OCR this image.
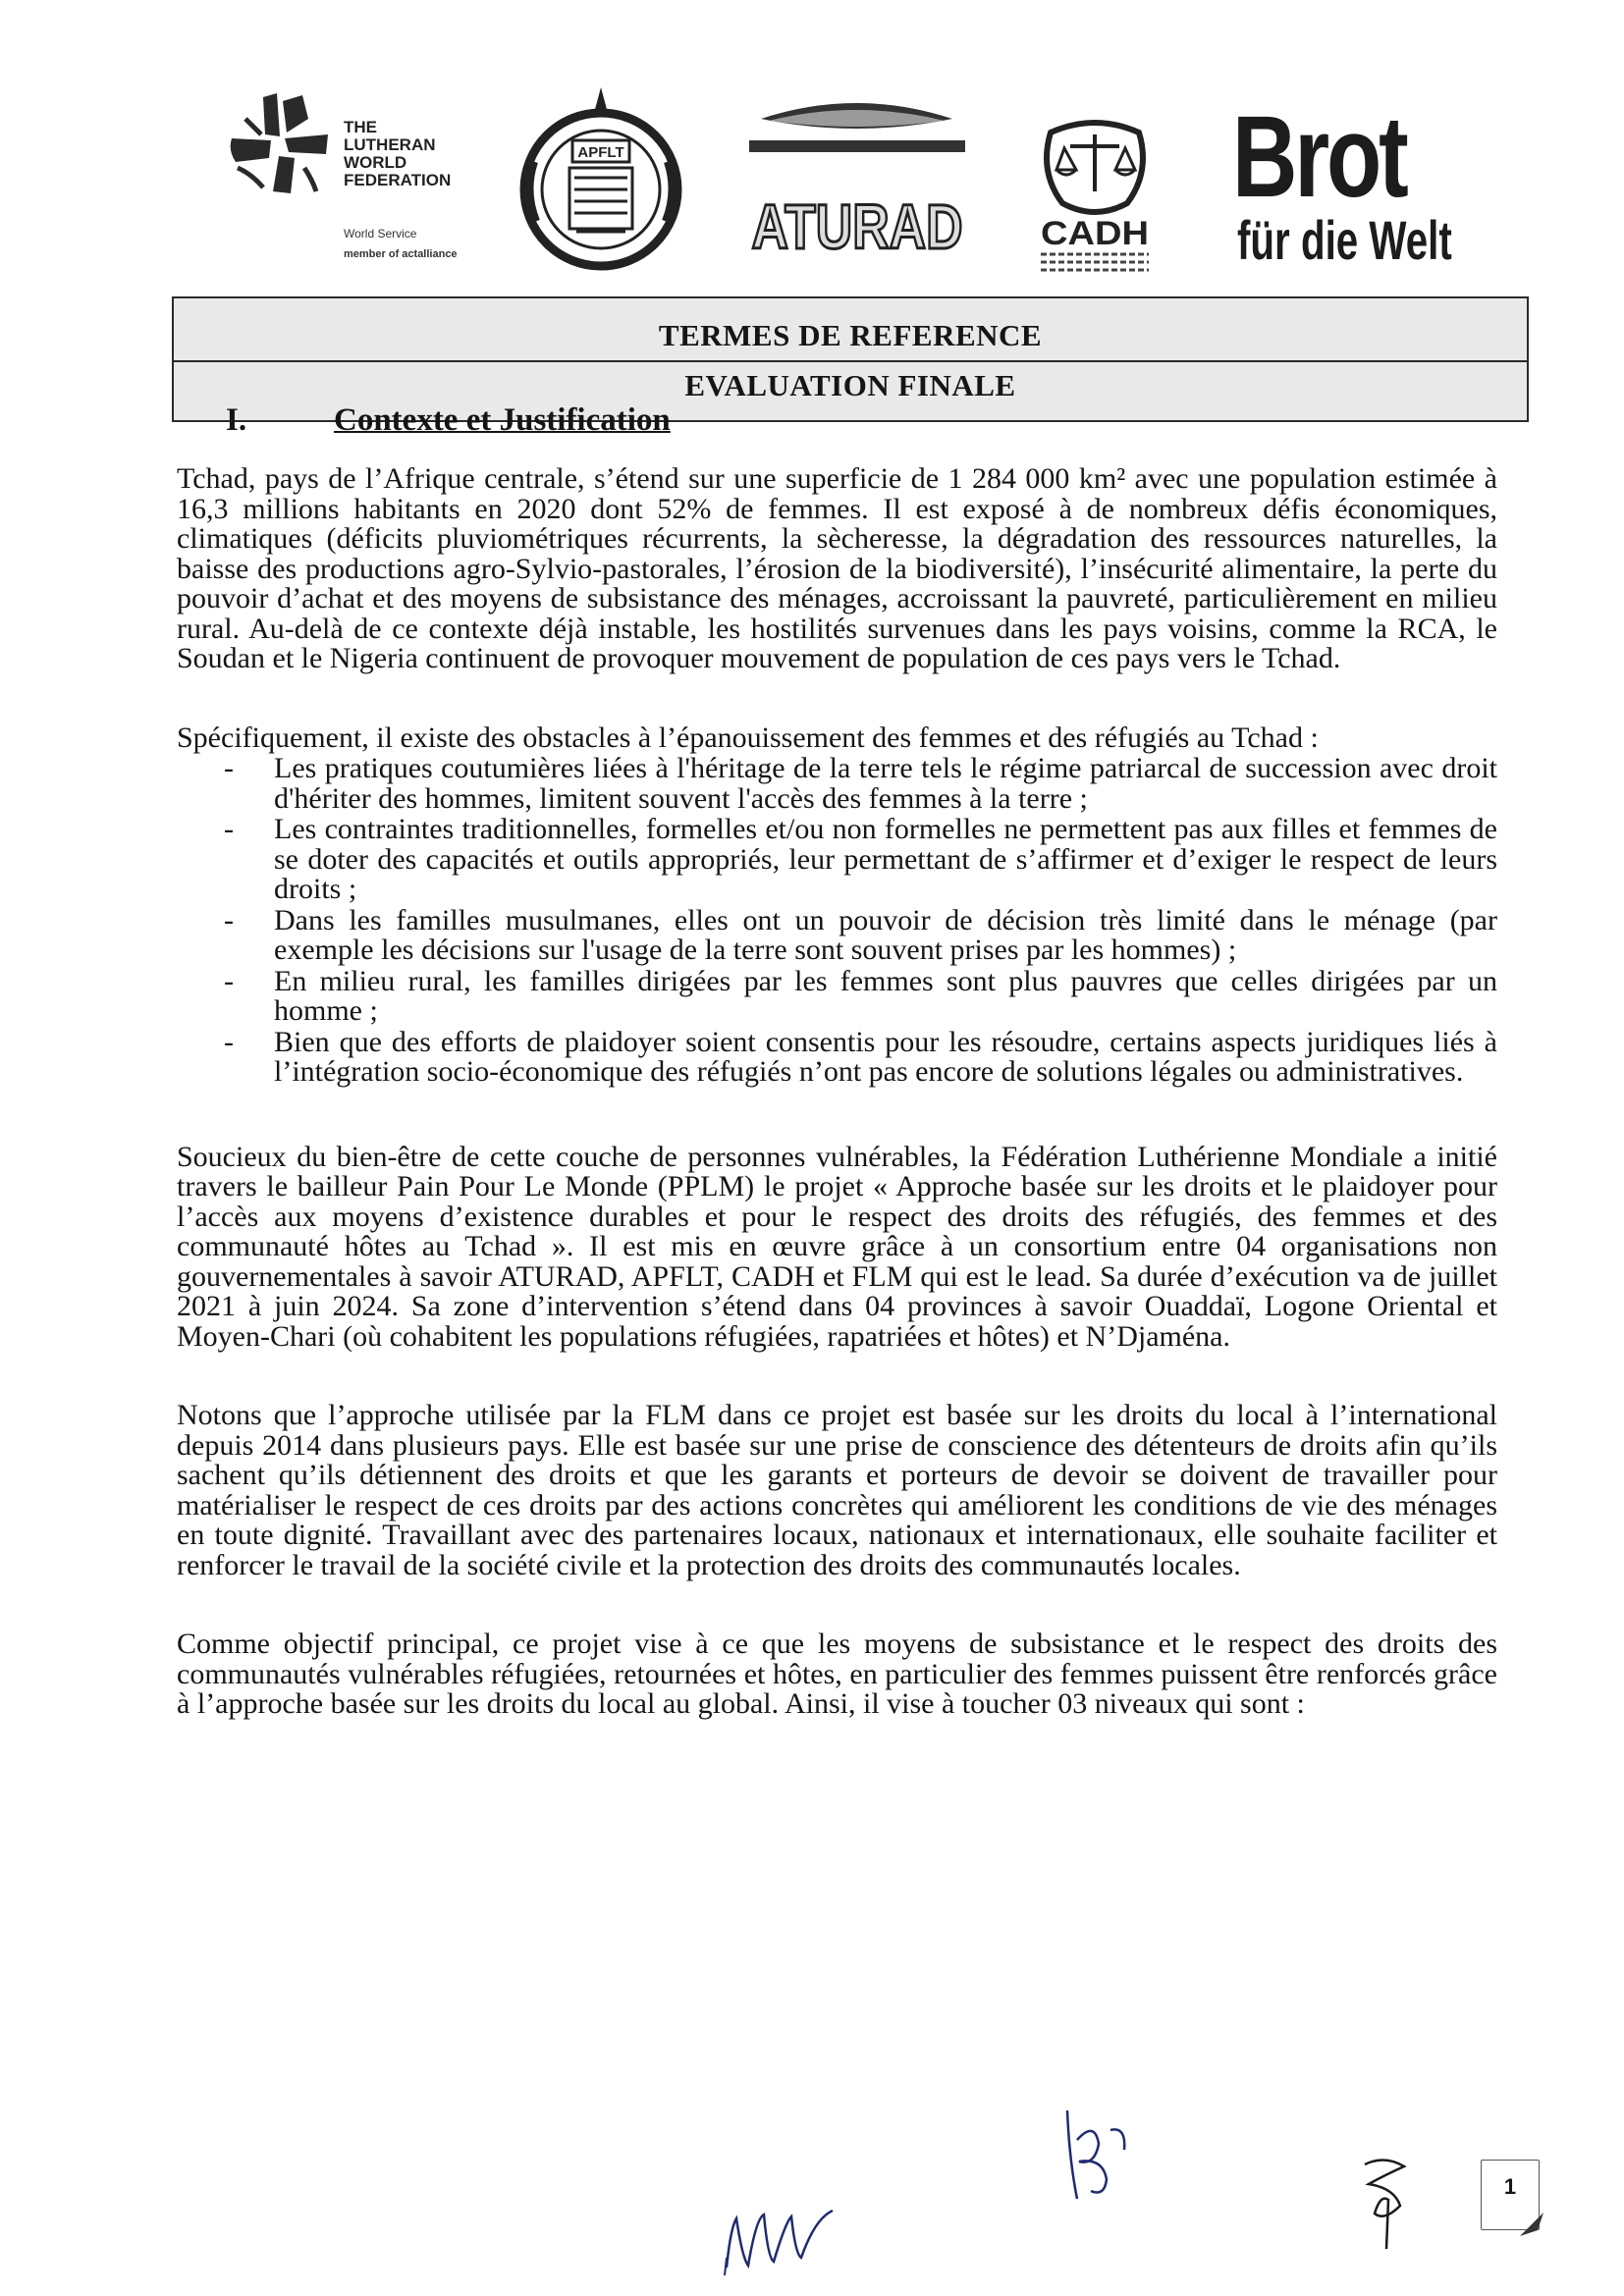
THE
LUTHERAN
WORLD
FEDERATION
World Service
member of actalliance
APFLT
ATURAD CADH
Brot
für die Welt
TERMES DE REFERENCE
EVALUATION FINALE
I.	Contexte et Justification

Tchad, pays de l’Afrique centrale, s’étend sur une superficie de 1 284 000 km² avec une population estimée à 16,3 millions habitants en 2020 dont 52% de femmes. Il est exposé à de nombreux défis économiques, climatiques (déficits pluviométriques récurrents, la sècheresse, la dégradation des ressources naturelles, la baisse des productions agro-Sylvio-pastorales, l’érosion de la biodiversité), l’insécurité alimentaire, la perte du pouvoir d’achat et des moyens de subsistance des ménages, accroissant la pauvreté, particulièrement en milieu rural. Au-delà de ce contexte déjà instable, les hostilités survenues dans les pays voisins, comme la RCA, le Soudan et le Nigeria continuent de provoquer mouvement de population de ces pays vers le Tchad.

Spécifiquement, il existe des obstacles à l’épanouissement des femmes et des réfugiés au Tchad :

- Les pratiques coutumières liées à l'héritage de la terre tels le régime patriarcal de succession avec droit d'hériter des hommes, limitent souvent l'accès des femmes à la terre ;
- Les contraintes traditionnelles, formelles et/ou non formelles ne permettent pas aux filles et femmes de se doter des capacités et outils appropriés, leur permettant de s’affirmer et d’exiger le respect de leurs droits ;
- Dans les familles musulmanes, elles ont un pouvoir de décision très limité dans le ménage (par exemple les décisions sur l'usage de la terre sont souvent prises par les hommes) ;
- En milieu rural, les familles dirigées par les femmes sont plus pauvres que celles dirigées par un homme ;
- Bien que des efforts de plaidoyer soient consentis pour les résoudre, certains aspects juridiques liés à l’intégration socio-économique des réfugiés n’ont pas encore de solutions légales ou administratives.

Soucieux du bien-être de cette couche de personnes vulnérables, la Fédération Luthérienne Mondiale a initié travers le bailleur Pain Pour Le Monde (PPLM) le projet « Approche basée sur les droits et le plaidoyer pour l’accès aux moyens d’existence durables et pour le respect des droits des réfugiés, des femmes et des communauté hôtes au Tchad ». Il est mis en œuvre grâce à un consortium entre 04 organisations non gouvernementales à savoir ATURAD, APFLT, CADH et FLM qui est le lead. Sa durée d’exécution va de juillet 2021 à juin 2024. Sa zone d’intervention s’étend dans 04 provinces à savoir Ouaddaï, Logone Oriental et Moyen-Chari (où cohabitent les populations réfugiées, rapatriées et hôtes) et N’Djaména.

Notons que l’approche utilisée par la FLM dans ce projet est basée sur les droits du local à l’international depuis 2014 dans plusieurs pays. Elle est basée sur une prise de conscience des détenteurs de droits afin qu’ils sachent qu’ils détiennent des droits et que les garants et porteurs de devoir se doivent de travailler pour matérialiser le respect de ces droits par des actions concrètes qui améliorent les conditions de vie des ménages en toute dignité. Travaillant avec des partenaires locaux, nationaux et internationaux, elle souhaite faciliter et renforcer le travail de la société civile et la protection des droits des communautés locales.

Comme objectif principal, ce projet vise à ce que les moyens de subsistance et le respect des droits des communautés vulnérables réfugiées, retournées et hôtes, en particulier des femmes puissent être renforcés grâce à l’approche basée sur les droits du local au global. Ainsi, il vise à toucher 03 niveaux qui sont :

1
